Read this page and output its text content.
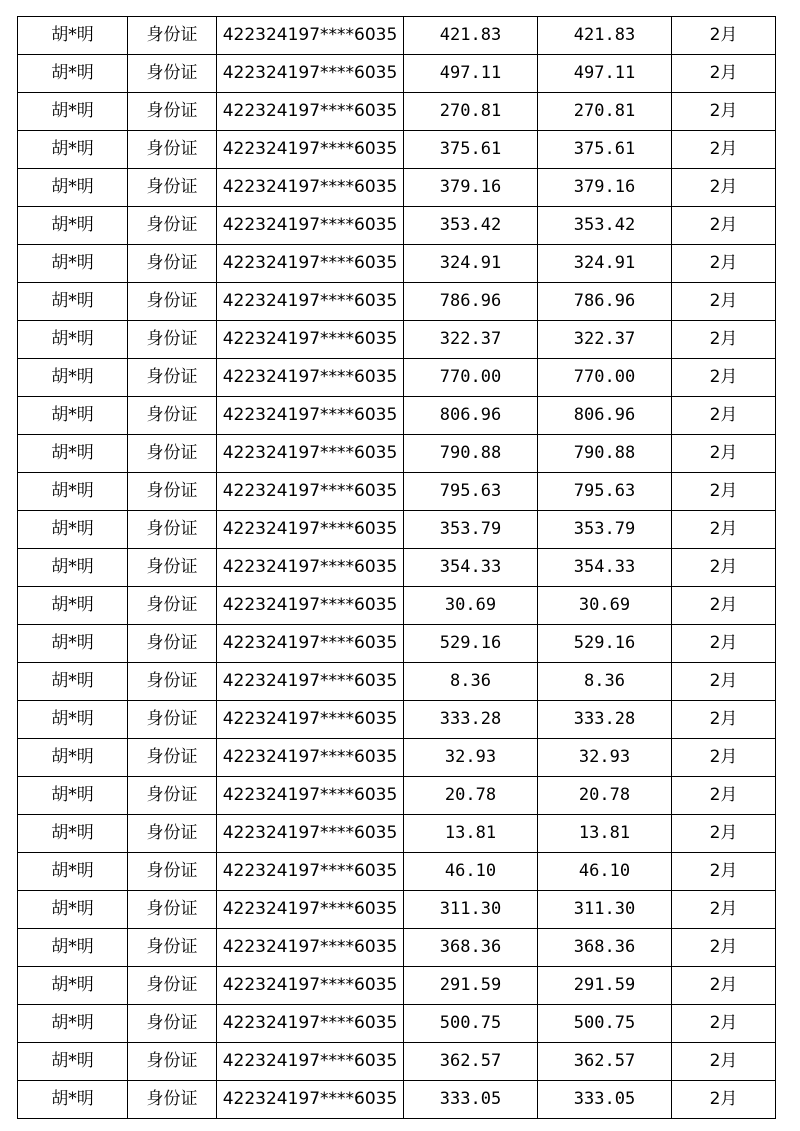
胡*明	身份证	422324197****6035	421.83	421.83	2月
胡*明	身份证	422324197****6035	497.11	497.11	2月
胡*明	身份证	422324197****6035	270.81	270.81	2月
胡*明	身份证	422324197****6035	375.61	375.61	2月
胡*明	身份证	422324197****6035	379.16	379.16	2月
胡*明	身份证	422324197****6035	353.42	353.42	2月
胡*明	身份证	422324197****6035	324.91	324.91	2月
胡*明	身份证	422324197****6035	786.96	786.96	2月
胡*明	身份证	422324197****6035	322.37	322.37	2月
胡*明	身份证	422324197****6035	770.00	770.00	2月
胡*明	身份证	422324197****6035	806.96	806.96	2月
胡*明	身份证	422324197****6035	790.88	790.88	2月
胡*明	身份证	422324197****6035	795.63	795.63	2月
胡*明	身份证	422324197****6035	353.79	353.79	2月
胡*明	身份证	422324197****6035	354.33	354.33	2月
胡*明	身份证	422324197****6035	30.69	30.69	2月
胡*明	身份证	422324197****6035	529.16	529.16	2月
胡*明	身份证	422324197****6035	8.36	8.36	2月
胡*明	身份证	422324197****6035	333.28	333.28	2月
胡*明	身份证	422324197****6035	32.93	32.93	2月
胡*明	身份证	422324197****6035	20.78	20.78	2月
胡*明	身份证	422324197****6035	13.81	13.81	2月
胡*明	身份证	422324197****6035	46.10	46.10	2月
胡*明	身份证	422324197****6035	311.30	311.30	2月
胡*明	身份证	422324197****6035	368.36	368.36	2月
胡*明	身份证	422324197****6035	291.59	291.59	2月
胡*明	身份证	422324197****6035	500.75	500.75	2月
胡*明	身份证	422324197****6035	362.57	362.57	2月
胡*明	身份证	422324197****6035	333.05	333.05	2月
